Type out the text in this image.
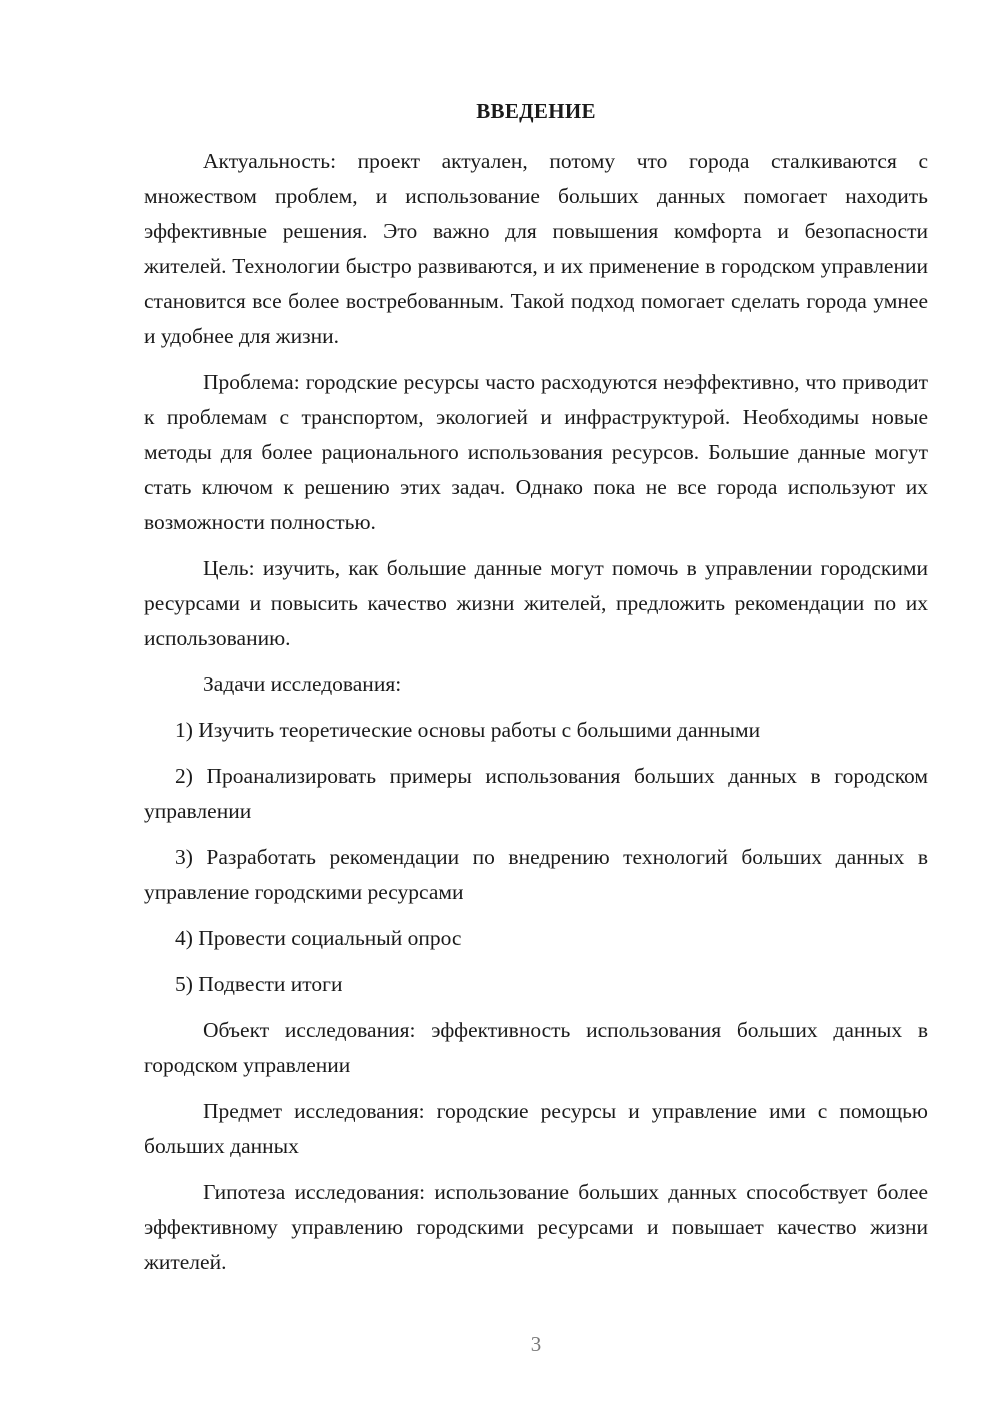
ВВЕДЕНИЕ

Актуальность: проект актуален, потому что города сталкиваются с множеством проблем, и использование больших данных помогает находить эффективные решения. Это важно для повышения комфорта и безопасности жителей. Технологии быстро развиваются, и их применение в городском управлении становится все более востребованным. Такой подход помогает сделать города умнее и удобнее для жизни.

Проблема: городские ресурсы часто расходуются неэффективно, что приводит к проблемам с транспортом, экологией и инфраструктурой. Необходимы новые методы для более рационального использования ресурсов. Большие данные могут стать ключом к решению этих задач. Однако пока не все города используют их возможности полностью.

Цель: изучить, как большие данные могут помочь в управлении городскими ресурсами и повысить качество жизни жителей, предложить рекомендации по их использованию.

Задачи исследования:

1) Изучить теоретические основы работы с большими данными

2) Проанализировать примеры использования больших данных в городском управлении

3) Разработать рекомендации по внедрению технологий больших данных в управление городскими ресурсами

4) Провести социальный опрос

5) Подвести итоги

Объект исследования: эффективность использования больших данных в городском управлении

Предмет исследования: городские ресурсы и управление ими с помощью больших данных

Гипотеза исследования: использование больших данных способствует более эффективному управлению городскими ресурсами и повышает качество жизни жителей.

3
